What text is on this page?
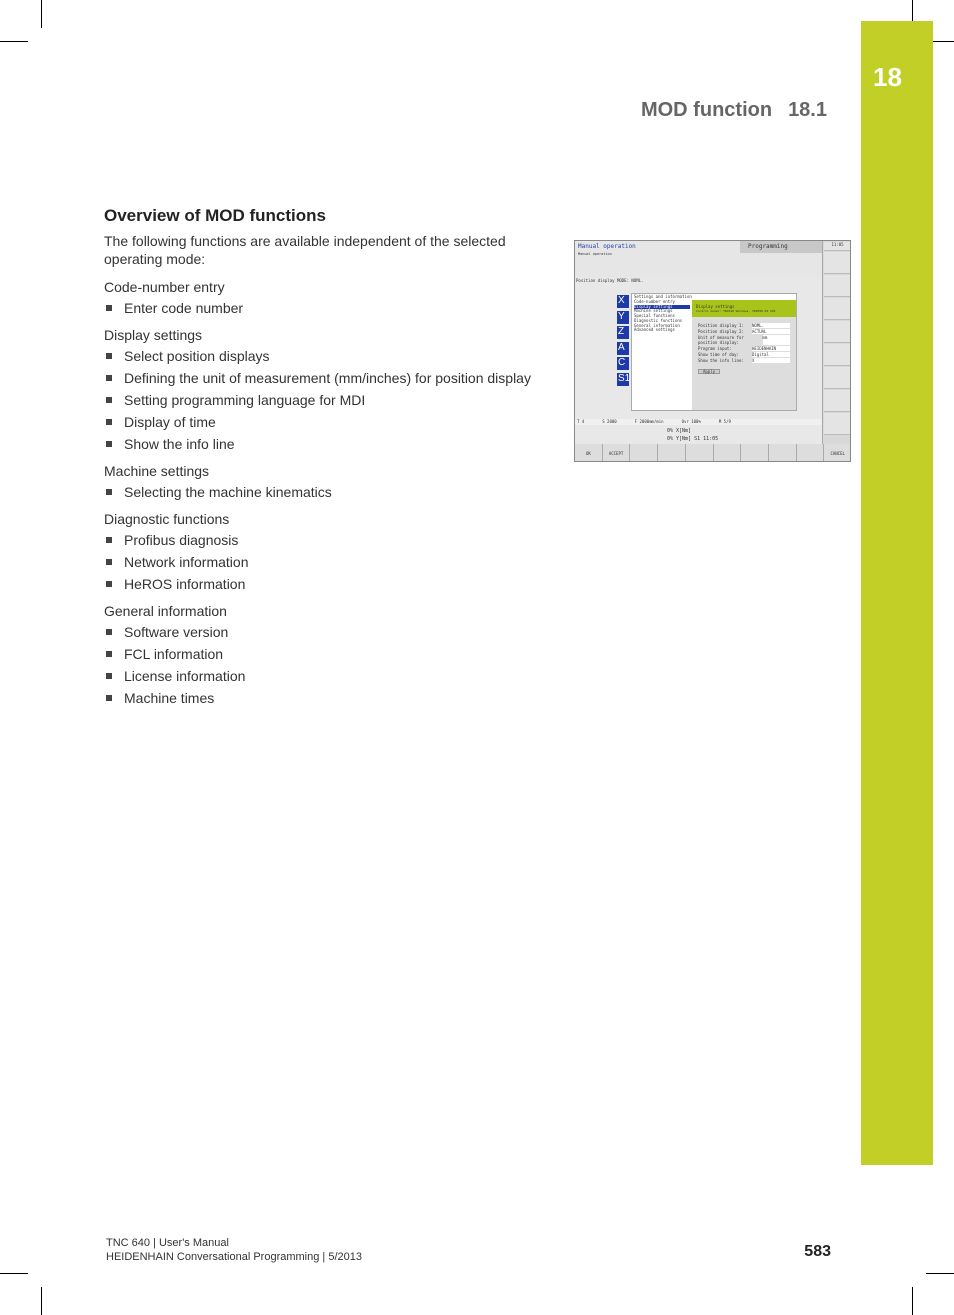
18
MOD function 18.1
Overview of MOD functions

The following functions are available independent of the selected operating mode:

Code-number entry
Enter code number
Display settings
Select position displays
Defining the unit of measurement (mm/inches) for position display
Setting programming language for MDI
Display of time
Show the info line
Machine settings
Selecting the machine kinematics
Diagnostic functions
Profibus diagnosis
Network information
HeROS information
General information
Software version
FCL information
License information
Machine times
Manual operation
Manual operation
Programming	11:05
Position display MODE: NOML.
X
Y
Z
A
C
S1
Settings and information
Code-number entry
Display settings
Machine settings
Special functions
Diagnostic functions
General information
Advanced settings
Display settings
Control model: TNC640 Windows, 340590-03 SP2
Position display 1: NOML.
Position display 2: ACTUAL
Unit of measure for position display:
mm
Program input:	HEIDENHAIN
Show time of day:	Digital
Show the info line: X
Apply
T 4	S 2000	F 2000mm/min	Ovr 100%	M 5/9
0% X[Nm]
0% Y[Nm] S1 11:05
OK	ACCEPT	CANCEL
TNC 640 | User's Manual
HEIDENHAIN Conversational Programming | 5/2013	583
